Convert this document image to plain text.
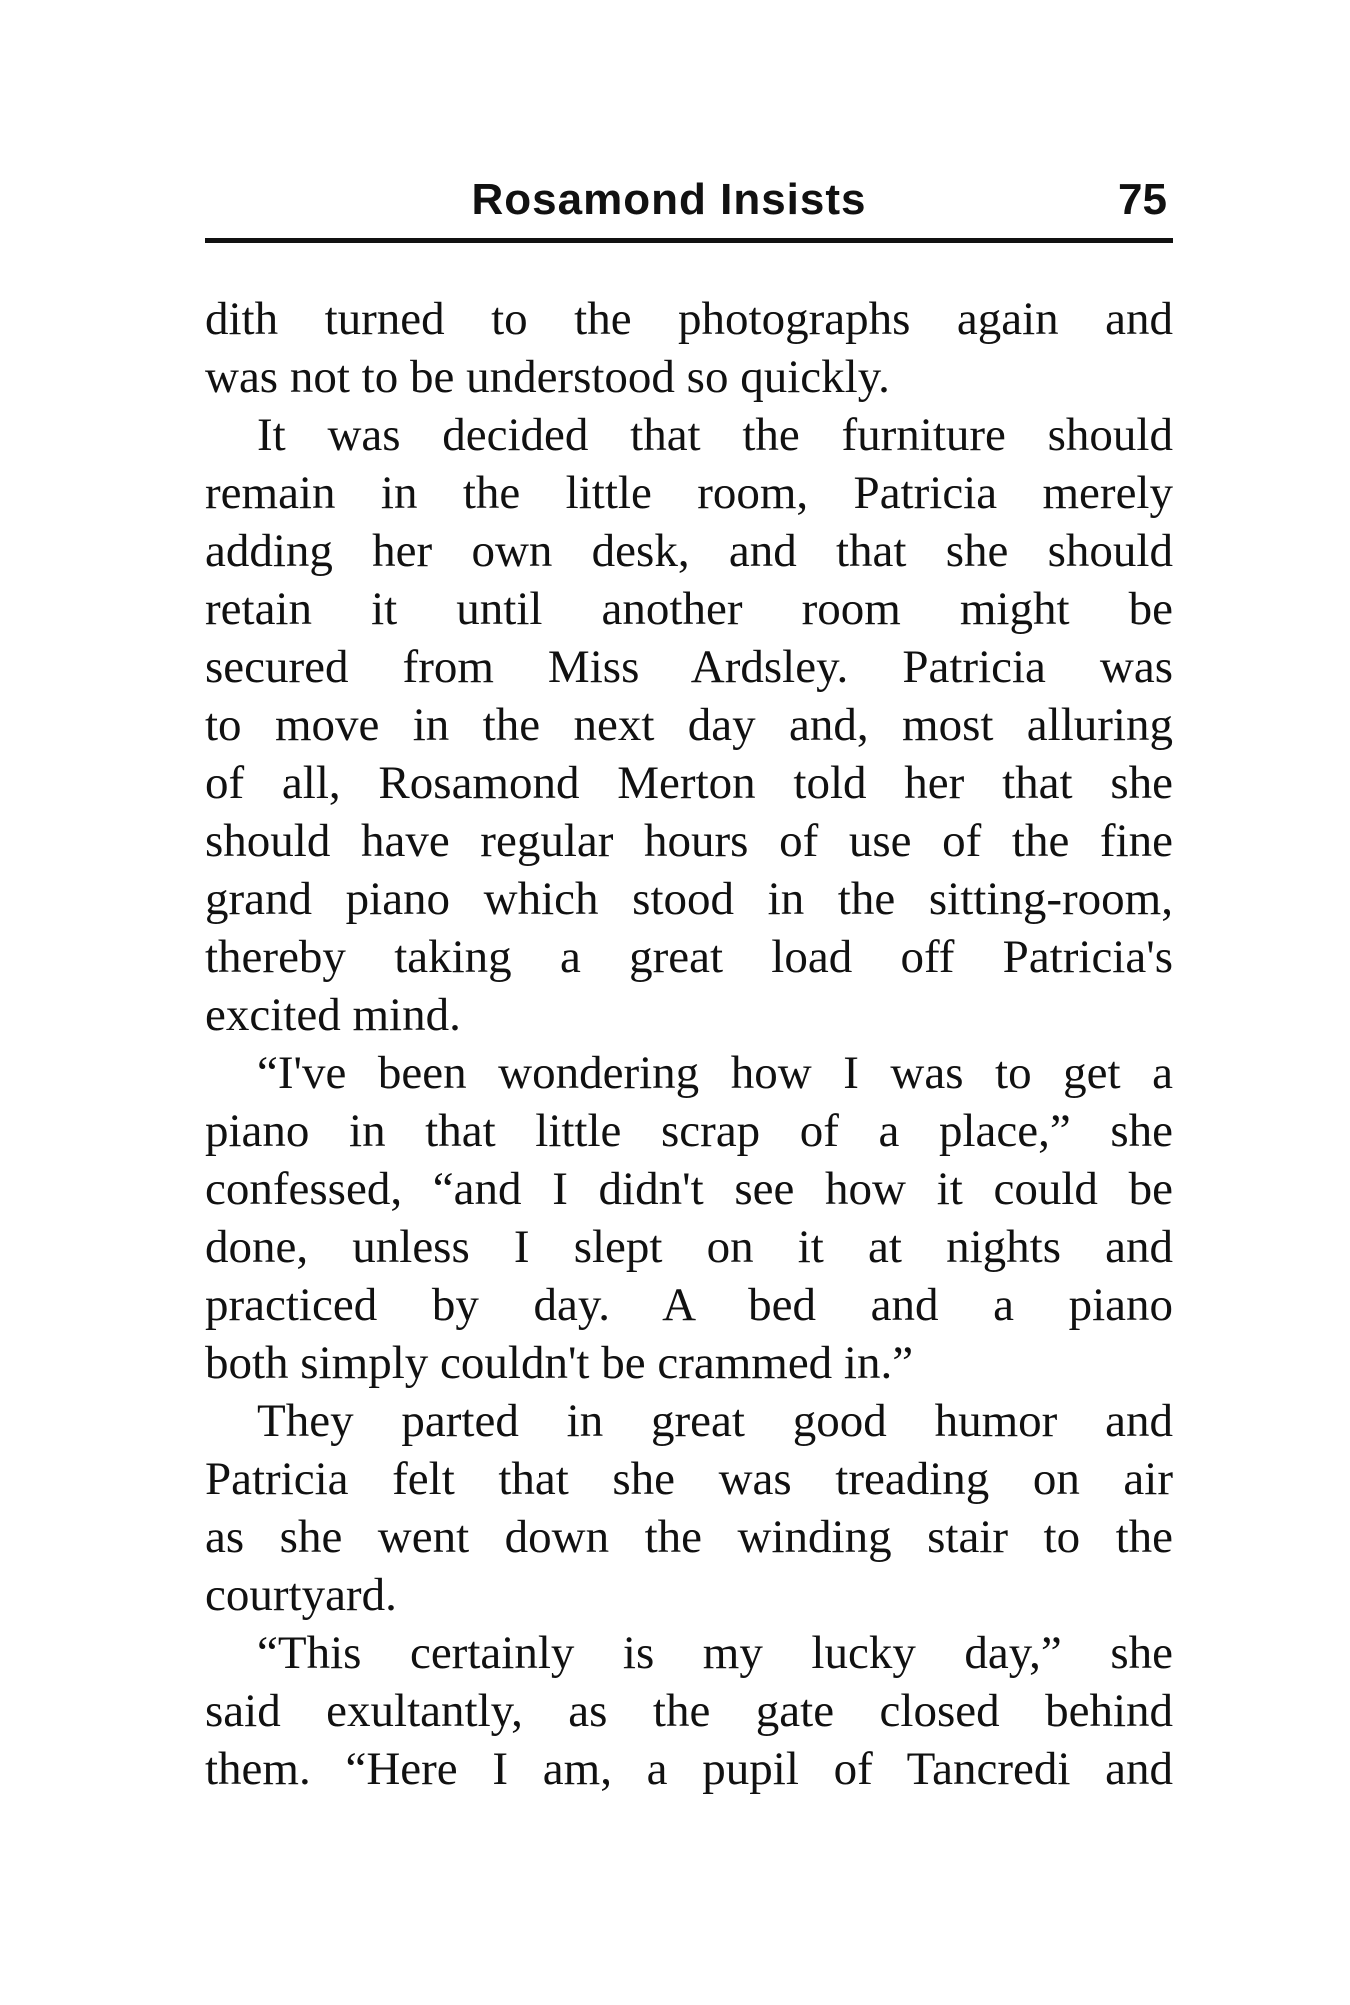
Rosamond Insists	75
dith turned to the photographs again and
was not to be understood so quickly.
It was decided that the furniture should
remain in the little room, Patricia merely
adding her own desk, and that she should
retain it until another room might be
secured from Miss Ardsley. Patricia was
to move in the next day and, most alluring
of all, Rosamond Merton told her that she
should have regular hours of use of the fine
grand piano which stood in the sitting-room,
thereby taking a great load off Patricia's
excited mind.
“I've been wondering how I was to get a
piano in that little scrap of a place,” she
confessed, “and I didn't see how it could be
done, unless I slept on it at nights and
practiced by day. A bed and a piano
both simply couldn't be crammed in.”
They parted in great good humor and
Patricia felt that she was treading on air
as she went down the winding stair to the
courtyard.
“This certainly is my lucky day,” she
said exultantly, as the gate closed behind
them. “Here I am, a pupil of Tancredi and
